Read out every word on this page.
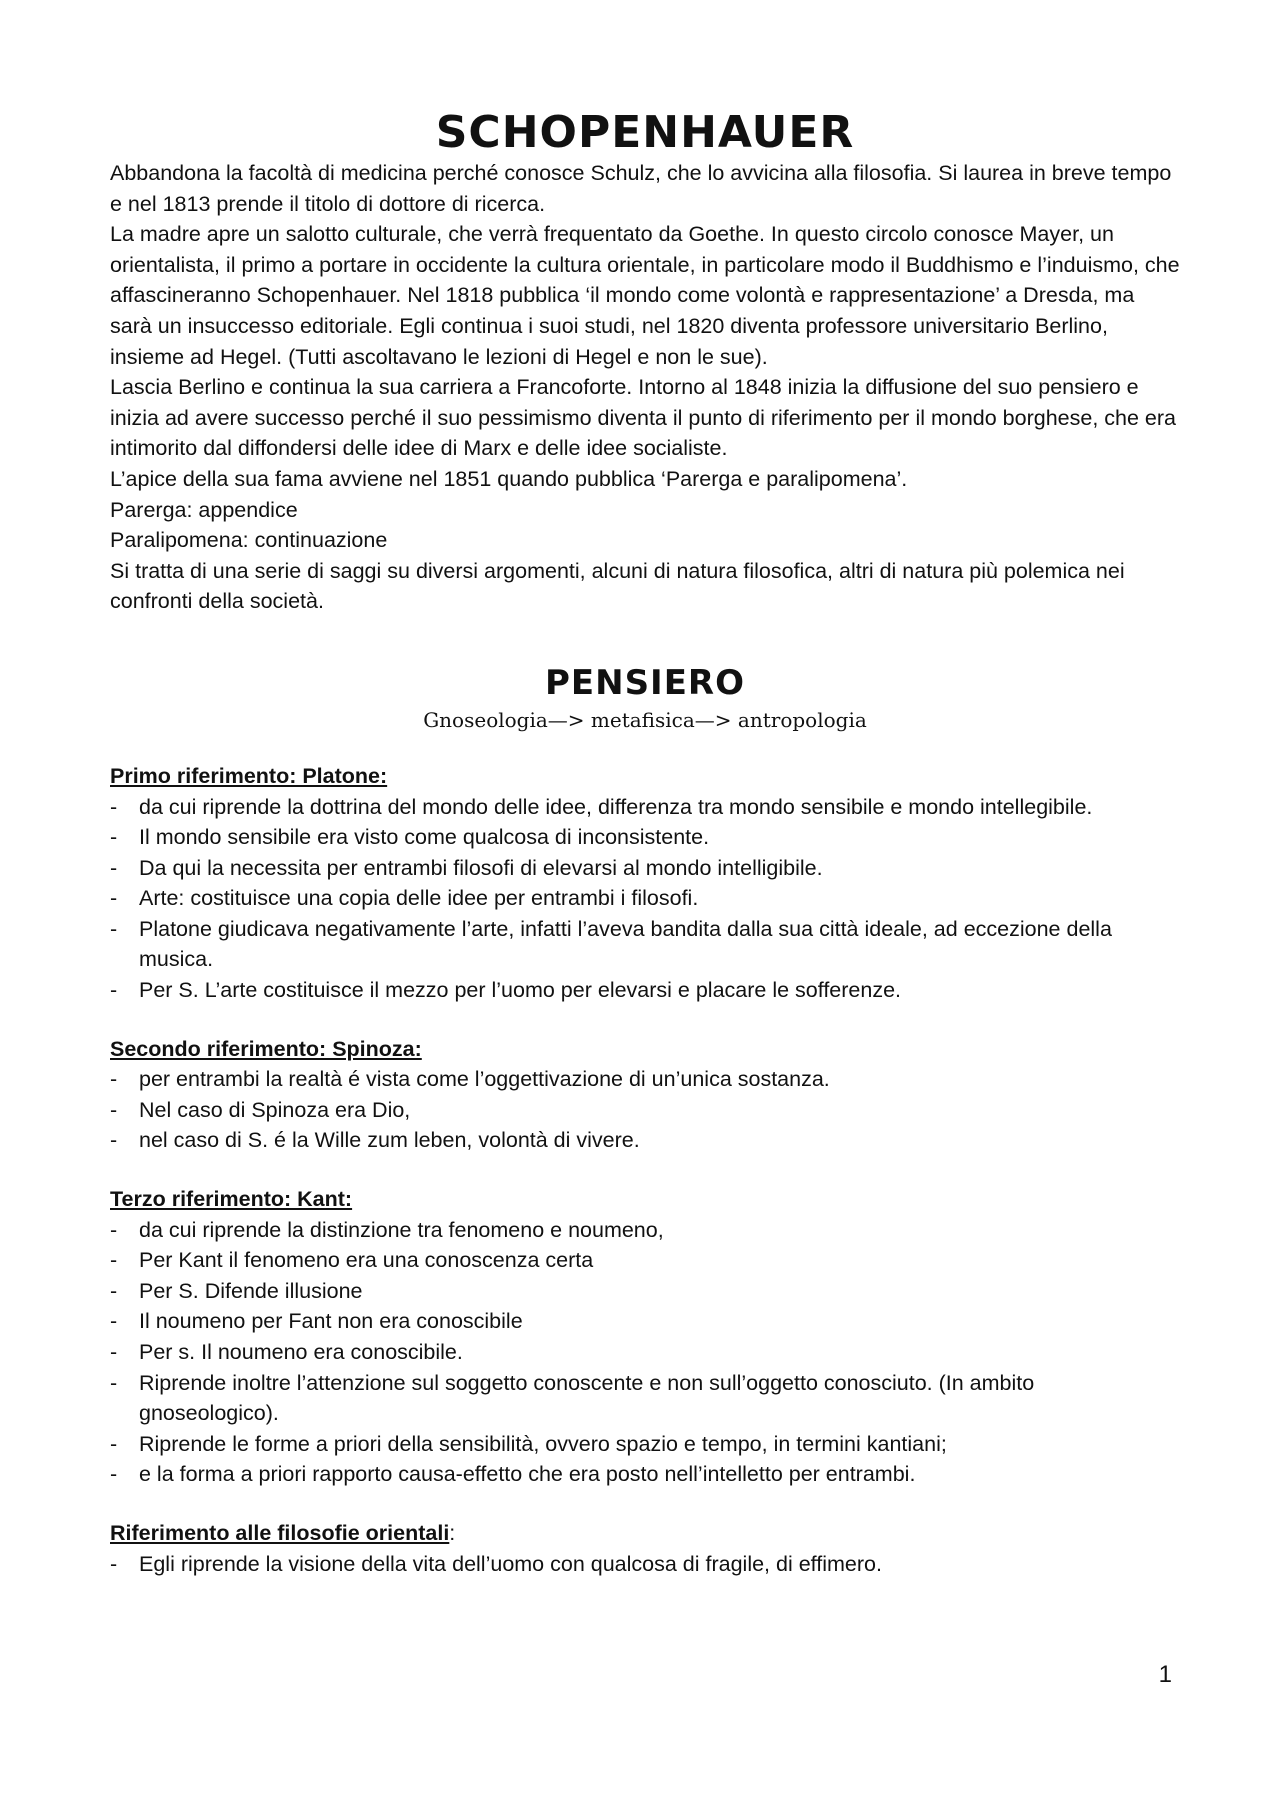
SCHOPENHAUER

Abbandona la facoltà di medicina perché conosce Schulz, che lo avvicina alla filosofia. Si laurea in breve tempo e nel 1813 prende il titolo di dottore di ricerca.

La madre apre un salotto culturale, che verrà frequentato da Goethe. In questo circolo conosce Mayer, un orientalista, il primo a portare in occidente la cultura orientale, in particolare modo il Buddhismo e l’induismo, che affascineranno Schopenhauer. Nel 1818 pubblica ‘il mondo come volontà e rappresentazione’ a Dresda, ma sarà un insuccesso editoriale. Egli continua i suoi studi, nel 1820 diventa professore universitario Berlino, insieme ad Hegel. (Tutti ascoltavano le lezioni di Hegel e non le sue).

Lascia Berlino e continua la sua carriera a Francoforte. Intorno al 1848 inizia la diffusione del suo pensiero e inizia ad avere successo perché il suo pessimismo diventa il punto di riferimento per il mondo borghese, che era intimorito dal diffondersi delle idee di Marx e delle idee socialiste.

L’apice della sua fama avviene nel 1851 quando pubblica ‘Parerga e paralipomena’.

Parerga: appendice

Paralipomena: continuazione

Si tratta di una serie di saggi su diversi argomenti, alcuni di natura filosofica, altri di natura più polemica nei confronti della società.

PENSIERO

Gnoseologia—> metafisica—> antropologia

Primo riferimento: Platone:

- da cui riprende la dottrina del mondo delle idee, differenza tra mondo sensibile e mondo intellegibile.
- Il mondo sensibile era visto come qualcosa di inconsistente.
- Da qui la necessita per entrambi filosofi di elevarsi al mondo intelligibile.
- Arte: costituisce una copia delle idee per entrambi i filosofi.
- Platone giudicava negativamente l’arte, infatti l’aveva bandita dalla sua città ideale, ad eccezione della musica.
- Per S. L’arte costituisce il mezzo per l’uomo per elevarsi e placare le sofferenze.

Secondo riferimento: Spinoza:

- per entrambi la realtà é vista come l’oggettivazione di un’unica sostanza.
- Nel caso di Spinoza era Dio,
- nel caso di S. é la Wille zum leben, volontà di vivere.

Terzo riferimento: Kant:

- da cui riprende la distinzione tra fenomeno e noumeno,
- Per Kant il fenomeno era una conoscenza certa
- Per S. Difende illusione
- Il noumeno per Fant non era conoscibile
- Per s. Il noumeno era conoscibile.
- Riprende inoltre l’attenzione sul soggetto conoscente e non sull’oggetto conosciuto. (In ambito gnoseologico).
- Riprende le forme a priori della sensibilità, ovvero spazio e tempo, in termini kantiani;
- e la forma a priori rapporto causa-effetto che era posto nell’intelletto per entrambi.

Riferimento alle filosofie orientali:

- Egli riprende la visione della vita dell’uomo con qualcosa di fragile, di effimero.
1
